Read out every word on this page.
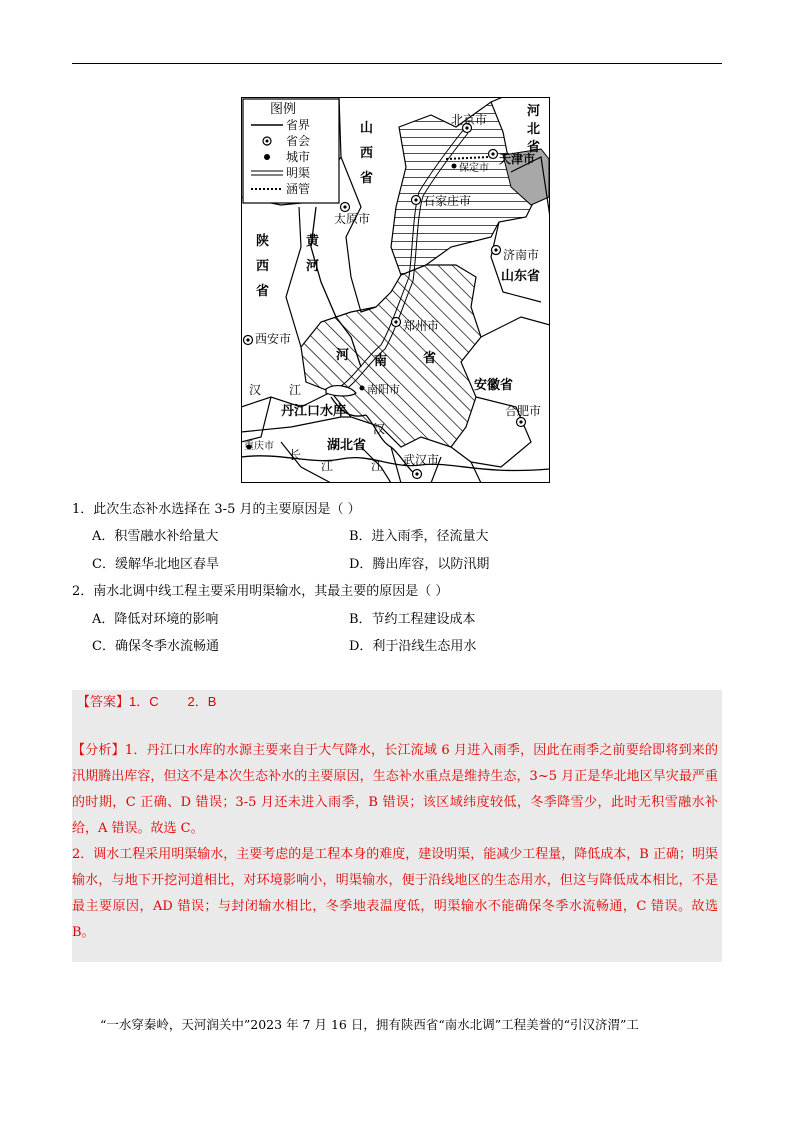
图例
省界
省会
城市
明渠
涵管
山
西
省
河
北
省
陕
西
省
黄
河
河 南	省
山东省
安徽省
湖北省
汉 江
汉
江
长
江
北京市
天津市
保定市
石家庄市
太原市
济南市
郑州市
西安市
南阳市
合肥市
重庆市
武汉市
丹江口水库
1．此次生态补水选择在 3-5 月的主要原因是（ ）
A．积雪融水补给量大	B．进入雨季，径流量大
C．缓解华北地区春旱	D．腾出库容，以防汛期
2．南水北调中线工程主要采用明渠输水，其最主要的原因是（ ）
A．降低对环境的影响	B．节约工程建设成本
C．确保冬季水流畅通	D．利于沿线生态用水
【答案】1．C        2．B

【分析】1．丹江口水库的水源主要来自于大气降水，长江流域 6 月进入雨季，因此在雨季之前要给即将到来的汛期腾出库容，但这不是本次生态补水的主要原因，生态补水重点是维持生态，3~5 月正是华北地区旱灾最严重的时期，C 正确、D 错误；3-5 月还未进入雨季，B 错误；该区域纬度较低，冬季降雪少，此时无积雪融水补给，A 错误。故选 C。

2．调水工程采用明渠输水，主要考虑的是工程本身的难度，建设明渠，能减少工程量，降低成本，B 正确；明渠输水，与地下开挖河道相比，对环境影响小，明渠输水，便于沿线地区的生态用水，但这与降低成本相比，不是最主要原因，AD 错误；与封闭输水相比，冬季地表温度低，明渠输水不能确保冬季水流畅通，C 错误。故选 B。

“一水穿秦岭，天河润关中”2023 年 7 月 16 日，拥有陕西省“南水北调”工程美誉的“引汉济渭”工
